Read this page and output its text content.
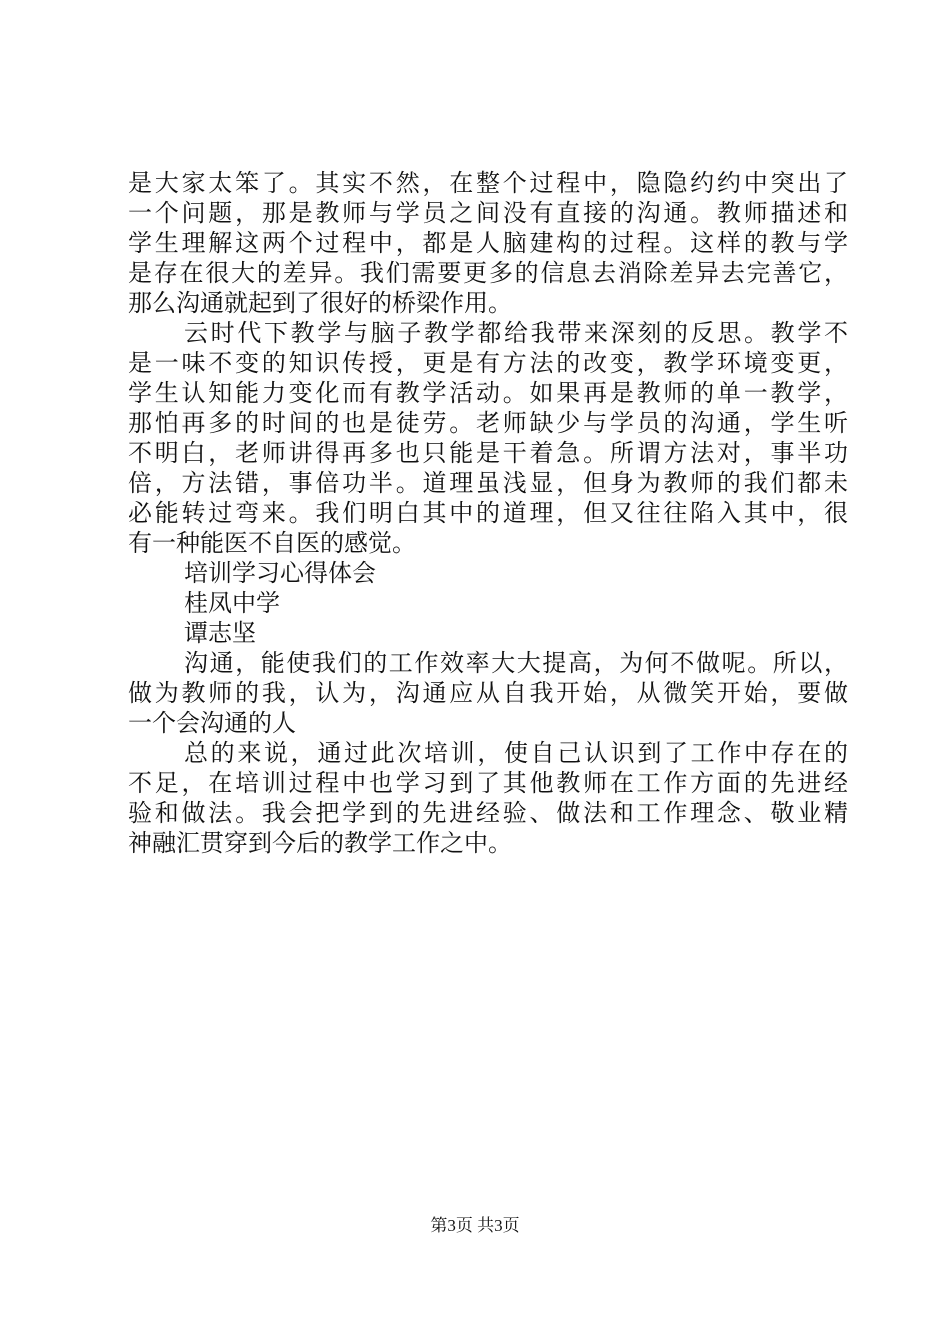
是大家太笨了。其实不然，在整个过程中，隐隐约约中突出了
一个问题，那是教师与学员之间没有直接的沟通。教师描述和
学生理解这两个过程中，都是人脑建构的过程。这样的教与学
是存在很大的差异。我们需要更多的信息去消除差异去完善它，
那么沟通就起到了很好的桥梁作用。
云时代下教学与脑子教学都给我带来深刻的反思。教学不
是一味不变的知识传授，更是有方法的改变，教学环境变更，
学生认知能力变化而有教学活动。如果再是教师的单一教学，
那怕再多的时间的也是徒劳。老师缺少与学员的沟通，学生听
不明白，老师讲得再多也只能是干着急。所谓方法对，事半功
倍，方法错，事倍功半。道理虽浅显，但身为教师的我们都未
必能转过弯来。我们明白其中的道理，但又往往陷入其中，很
有一种能医不自医的感觉。
培训学习心得体会
桂凤中学
谭志坚
沟通，能使我们的工作效率大大提高，为何不做呢。所以，
做为教师的我，认为，沟通应从自我开始，从微笑开始，要做
一个会沟通的人
总的来说，通过此次培训，使自己认识到了工作中存在的
不足，在培训过程中也学习到了其他教师在工作方面的先进经
验和做法。我会把学到的先进经验、做法和工作理念、敬业精
神融汇贯穿到今后的教学工作之中。
第3页 共3页
